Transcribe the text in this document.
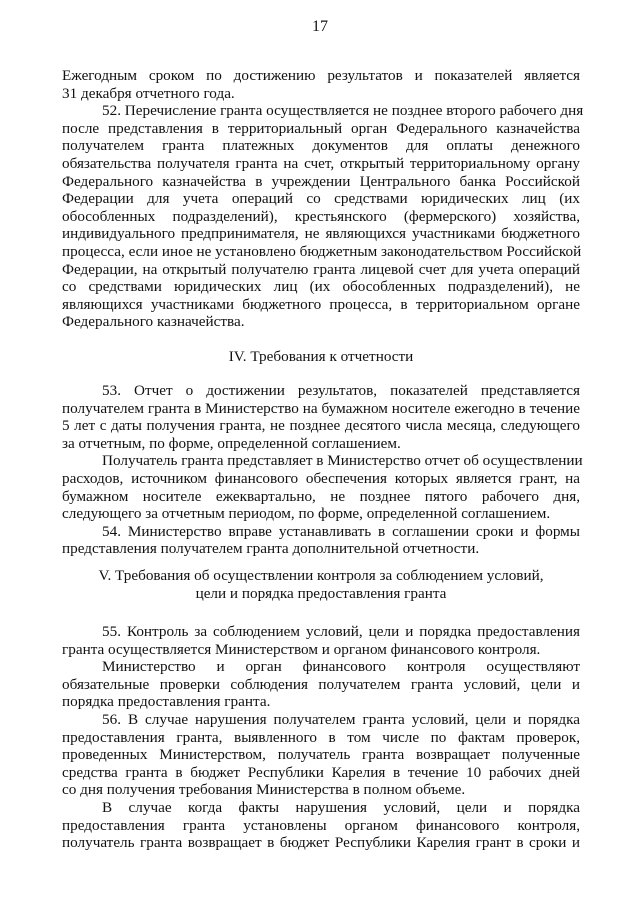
17
Ежегодным сроком по достижению результатов и показателей является
31 декабря отчетного года.
52. Перечисление гранта осуществляется не позднее второго рабочего дня
после представления в территориальный орган Федерального казначейства
получателем гранта платежных документов для оплаты денежного
обязательства получателя гранта на счет, открытый территориальному органу
Федерального казначейства в учреждении Центрального банка Российской
Федерации для учета операций со средствами юридических лиц (их
обособленных подразделений), крестьянского (фермерского) хозяйства,
индивидуального предпринимателя, не являющихся участниками бюджетного
процесса, если иное не установлено бюджетным законодательством Российской
Федерации, на открытый получателю гранта лицевой счет для учета операций
со средствами юридических лиц (их обособленных подразделений), не
являющихся участниками бюджетного процесса, в территориальном органе
Федерального казначейства.
IV. Требования к отчетности
53. Отчет о достижении результатов, показателей представляется
получателем гранта в Министерство на бумажном носителе ежегодно в течение
5 лет с даты получения гранта, не позднее десятого числа месяца, следующего
за отчетным, по форме, определенной соглашением.
Получатель гранта представляет в Министерство отчет об осуществлении
расходов, источником финансового обеспечения которых является грант, на
бумажном носителе ежеквартально, не позднее пятого рабочего дня,
следующего за отчетным периодом, по форме, определенной соглашением.
54. Министерство вправе устанавливать в соглашении сроки и формы
представления получателем гранта дополнительной отчетности.
V. Требования об осуществлении контроля за соблюдением условий,
цели и порядка предоставления гранта
55. Контроль за соблюдением условий, цели и порядка предоставления
гранта осуществляется Министерством и органом финансового контроля.
Министерство и орган финансового контроля осуществляют
обязательные проверки соблюдения получателем гранта условий, цели и
порядка предоставления гранта.
56. В случае нарушения получателем гранта условий, цели и порядка
предоставления гранта, выявленного в том числе по фактам проверок,
проведенных Министерством, получатель гранта возвращает полученные
средства гранта в бюджет Республики Карелия в течение 10 рабочих дней
со дня получения требования Министерства в полном объеме.
В случае когда факты нарушения условий, цели и порядка
предоставления гранта установлены органом финансового контроля,
получатель гранта возвращает в бюджет Республики Карелия грант в сроки и
